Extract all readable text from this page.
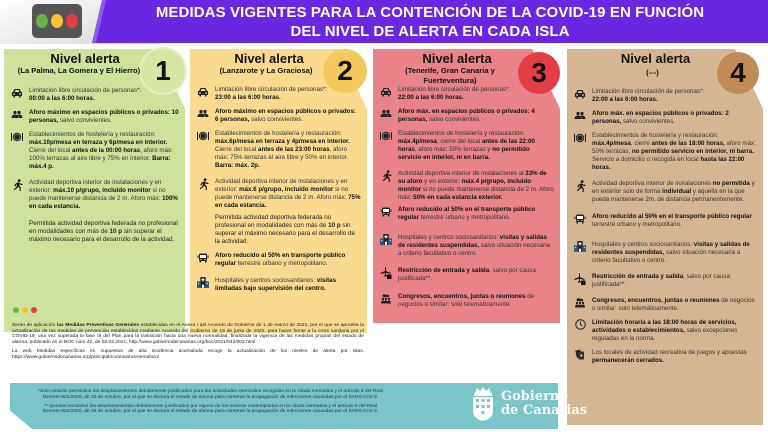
MEDIDAS VIGENTES PARA LA CONTENCIÓN DE LA COVID-19 EN FUNCIÓN
DEL NIVEL DE ALERTA EN CADA ISLA
1
Nivel alerta
(La Palma, La Gomera y El Hierro)
Limitación libre circulación de personas*:
00:00 a las 6:00 horas.
Aforo máximo en espacios públicos o privados: 10 personas, salvo convivientes.
Establecimientos de hostelería y restauración: máx.10p/mesa en terraza y 6p/mesa en interior. Cierre del local antes de la 00:00 horas, aforo máx: 100% terrazas al aire libre y 75% en interior. Barra: máx.4 p.
Actividad deportiva interior de instalaciones y en exterior: máx.10 p/grupo, incluido monitor si no puede mantenerse distancia de 2 m. Aforo máx: 100% en cada estancia.
Permitida actividad deportiva federada no profesional en modalidades con más de 10 p sin superar el máximo necesario para el desarrollo de la actividad.
2
Nivel alerta
(Lanzarote y La Graciosa)
Limitación libre circulación de personas*:
23:00 a las 6:00 horas.
Aforo máximo en espacios públicos o privados: 6 personas, salvo convivientes.
Establecimientos de hostelería y restauración: máx.6p/mesa en terraza y 4p/mesa en interior. Cierre del local antes de las 23:00 horas, aforo máx: 75% terrazas al aire libre y 50% en interior. Barra: máx. 2p.
Actividad deportiva interior de instalaciones y en exterior: máx.6 p/grupo, incluido monitor si no puede mantenerse distancia de 2 m. Aforo máx: 75% en cada estancia.
Permitida actividad deportiva federada no profesional en modalidades con más de 10 p sin superar el máximo necesario para el desarrollo de la actividad.
Aforo reducido al 50% en transporte público regular terrestre urbano y metropolitano.
Hospitales y centros sociosanitarios: visitas limitadas bajo supervisión del centro.
3
Nivel alerta
(Tenerife, Gran Canaria y Fuerteventura)
Limitación libre circulación de personas*:
22:00 a las 6:00 horas.
Aforo máx. en espacios públicos o privados: 4 personas, salvo convivientes.
Establecimientos de hostelería y restauración: máx.4p/mesa, cierre del local antes de las 22:00 horas, aforo máx: 50% terrazas y no permitido servicio en interior, ni en barra.
Actividad deportiva interior de instalaciones al 33% de su aforo y en exterior: máx.4 p/grupo, incluido monitor si no puede mantenerse distancia de 2 m. Aforo máx: 50% en cada estancia exterior.
Aforo reducido al 50% en el transporte público regular terrestre urbano y metropolitano.
Hospitales y centros sociosanitarios: visitas y salidas de residentes suspendidas, salvo situación necesaria a criterio facultativo o centro.
Restricción de entrada y salida, salvo por causa justificada**.
Congresos, encuentros, juntas o reuniones de negocios o similar: solo telemáticamente.
4
Nivel alerta
(---)
Limitación libre circulación de personas*:
22:00 a las 6:00 horas.
Aforo máx. en espacios públicos o privados: 2 personas, salvo convivientes.
Establecimientos de hostelería y restauración: máx.4p/mesa, cierre antes de las 18:00 horas, aforo máx: 50% terracas, no permitido servicio en interior, ni barra. Servicio a domicilio o recogida en local hasta las 22:00 horas.
Actividad deportiva interior de instalaciones no permitida y en exterior solo de forma individual y aquella en la que pueda mantenerse 2m. de distancia permanentemente.
Aforo reducido al 50% en el transporte público regular terrestre urbano y metropolitano.
Hospitales y centros sociosanitarios: visitas y salidas de residentes suspendidas, salvo situación necesaria a criterio facultativo o centro.
Restricción de entrada y salida, salvo por causa justificada**.
Congresos, encuentros, juntas o reuniones de negocios o similar: solo telemáticamente.
Limitación horaria a las 18:00 horas de servicios, actividades o establecimientos, salvo excepciones reguladas en la norma.
Los locales de actividad recreativa de juegos y apuestas permanecerán cerrados.

Serán de aplicación las Medidas Preventivas Generales establecidas en el Anexo I del Acuerdo de Gobierno de 1 de marzo de 2021, por el que se aprueba la actualización de las medidas de prevención establecidas mediante Acuerdo del Gobierno de 19 de junio de 2020, para hacer frente a la crisis sanitaria por el COVID-19, una vez superada la fase III del Plan para la transición hacia una nueva normalidad, finalizada la vigencia de las medidas propias del estado de alarma, publicado en el BOC núm.42, de 02.03.2021, http://www.gobiernodecanarias.org/boc/2021/042/002.html

La web Medidas específicas en supuestos de alta incidencia acumulada recoge la actualización de los niveles de alerta por islas, https://www.gobiernodecanarias.org/principal/coronavirus/semaforo/

*Solo estarán permitidos los desplazamientos debidamente justificados para las actividades esenciales recogidas en la citada normativa y el artículo 5 del Real Decreto 926/2020, de 25 de octubre, por el que se declara el estado de alarma para contener la propagación de infecciones causadas por el SARS-CoV-2.

** Quedan excluidos los desplazamientos debidamente justificados por alguno de los motivos contemplados en la citada normativa y el artículo 6 del Real Decreto 926/2020, de 25 de octubre, por el que se declara el estado de alarma para contener la propagación de infecciones causadas por el SARS-CoV-2.

Gobierno
de Canarias
